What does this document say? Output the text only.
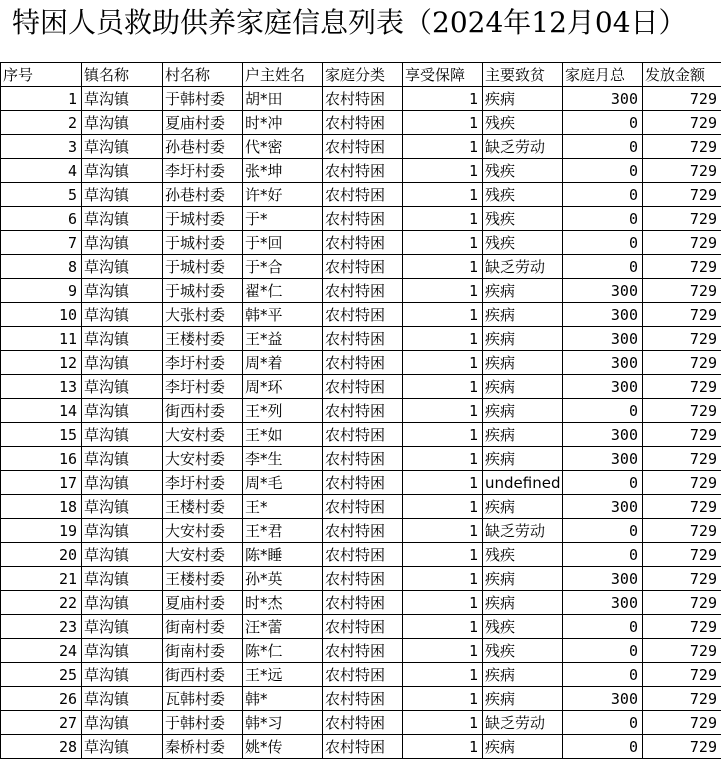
特困人员救助供养家庭信息列表（2024年12月04日）
序号	镇名称	村名称	户主姓名	家庭分类	享受保障	主要致贫	家庭月总	发放金额
1	草沟镇	于韩村委	胡*田	农村特困	1	疾病	300	729
2	草沟镇	夏庙村委	时*冲	农村特困	1	残疾	0	729
3	草沟镇	孙巷村委	代*密	农村特困	1	缺乏劳动	0	729
4	草沟镇	李圩村委	张*坤	农村特困	1	残疾	0	729
5	草沟镇	孙巷村委	许*好	农村特困	1	残疾	0	729
6	草沟镇	于城村委	于*	农村特困	1	残疾	0	729
7	草沟镇	于城村委	于*回	农村特困	1	残疾	0	729
8	草沟镇	于城村委	于*合	农村特困	1	缺乏劳动	0	729
9	草沟镇	于城村委	翟*仁	农村特困	1	疾病	300	729
10	草沟镇	大张村委	韩*平	农村特困	1	疾病	300	729
11	草沟镇	王楼村委	王*益	农村特困	1	疾病	300	729
12	草沟镇	李圩村委	周*着	农村特困	1	疾病	300	729
13	草沟镇	李圩村委	周*环	农村特困	1	疾病	300	729
14	草沟镇	街西村委	王*列	农村特困	1	疾病	0	729
15	草沟镇	大安村委	王*如	农村特困	1	疾病	300	729
16	草沟镇	大安村委	李*生	农村特困	1	疾病	300	729
17	草沟镇	李圩村委	周*毛	农村特困	1	undefined	0	729
18	草沟镇	王楼村委	王*	农村特困	1	疾病	300	729
19	草沟镇	大安村委	王*君	农村特困	1	缺乏劳动	0	729
20	草沟镇	大安村委	陈*睡	农村特困	1	残疾	0	729
21	草沟镇	王楼村委	孙*英	农村特困	1	疾病	300	729
22	草沟镇	夏庙村委	时*杰	农村特困	1	疾病	300	729
23	草沟镇	街南村委	汪*蕾	农村特困	1	残疾	0	729
24	草沟镇	街南村委	陈*仁	农村特困	1	残疾	0	729
25	草沟镇	街西村委	王*远	农村特困	1	疾病	0	729
26	草沟镇	瓦韩村委	韩*	农村特困	1	疾病	300	729
27	草沟镇	于韩村委	韩*习	农村特困	1	缺乏劳动	0	729
28	草沟镇	秦桥村委	姚*传	农村特困	1	疾病	0	729
